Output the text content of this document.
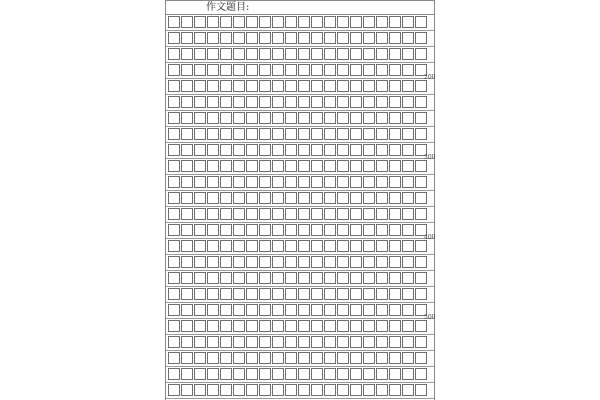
作文题目:
200
300
400
500
